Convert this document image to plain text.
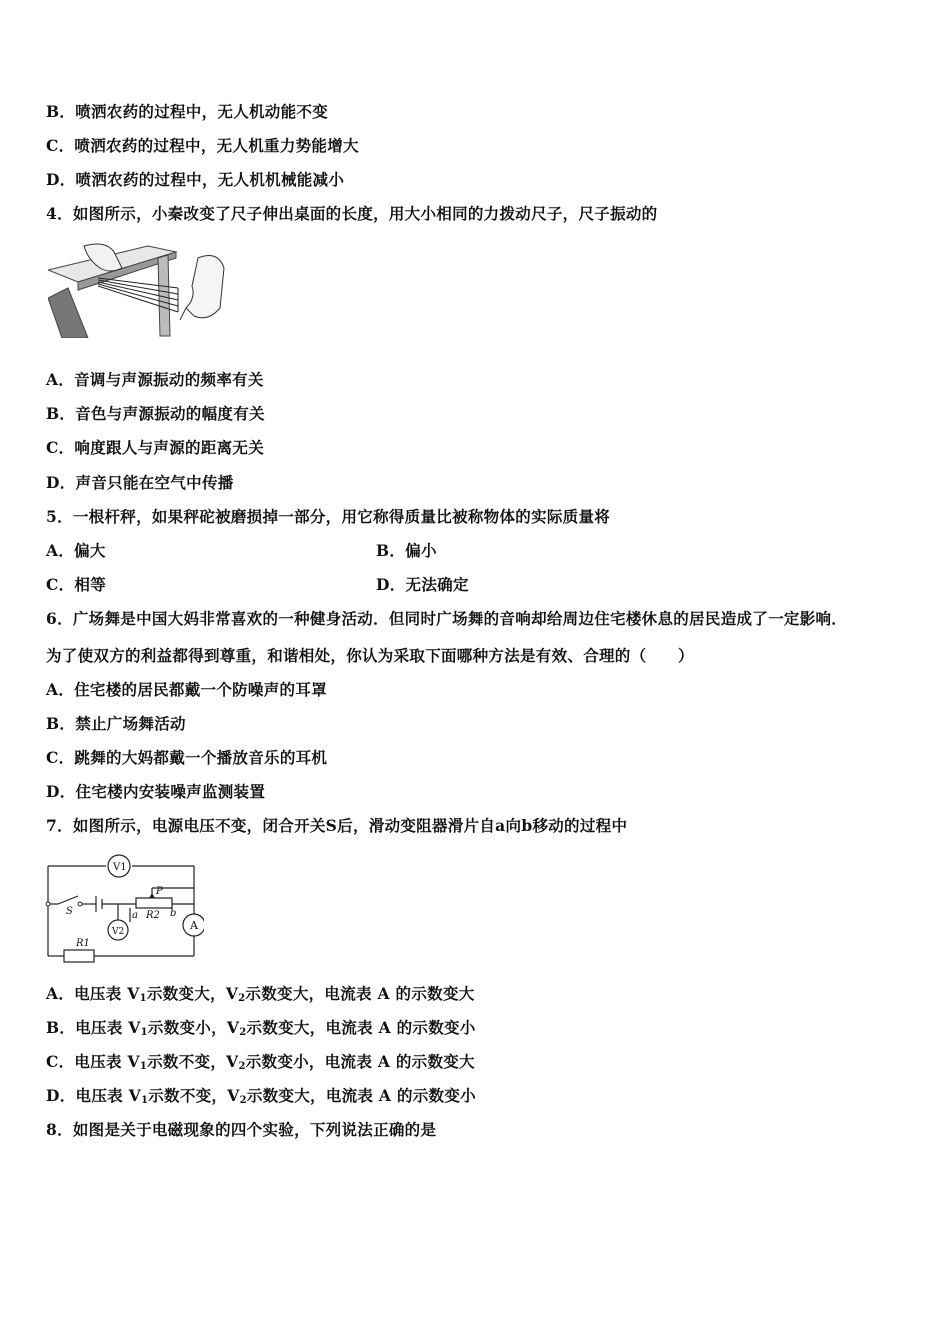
B．喷洒农药的过程中，无人机动能不变
C．喷洒农药的过程中，无人机重力势能增大
D．喷洒农药的过程中，无人机机械能减小
4．如图所示，小秦改变了尺子伸出桌面的长度，用大小相同的力拨动尺子，尺子振动的
A．音调与声源振动的频率有关
B．音色与声源振动的幅度有关
C．响度跟人与声源的距离无关
D．声音只能在空气中传播
5．一根杆秤，如果秤砣被磨损掉一部分，用它称得质量比被称物体的实际质量将
A．偏大	B．偏小
C．相等	D．无法确定
6．广场舞是中国大妈非常喜欢的一种健身活动．但同时广场舞的音响却给周边住宅楼休息的居民造成了一定影响．
为了使双方的利益都得到尊重，和谐相处，你认为采取下面哪种方法是有效、合理的（　　）
A．住宅楼的居民都戴一个防噪声的耳罩
B．禁止广场舞活动
C．跳舞的大妈都戴一个播放音乐的耳机
D．住宅楼内安装噪声监测装置
7．如图所示，电源电压不变，闭合开关S后，滑动变阻器滑片自a向b移动的过程中
V1
V2	A
S
P
R2
a	b
R1
A．电压表 $V_1$示数变大，$V_2$示数变大，电流表 A 的示数变大
B．电压表 $V_1$示数变小，$V_2$示数变大，电流表 A 的示数变小
C．电压表 $V_1$示数不变，$V_2$示数变小，电流表 A 的示数变大
D．电压表 $V_1$示数不变，$V_2$示数变大，电流表 A 的示数变小
8．如图是关于电磁现象的四个实验，下列说法正确的是
